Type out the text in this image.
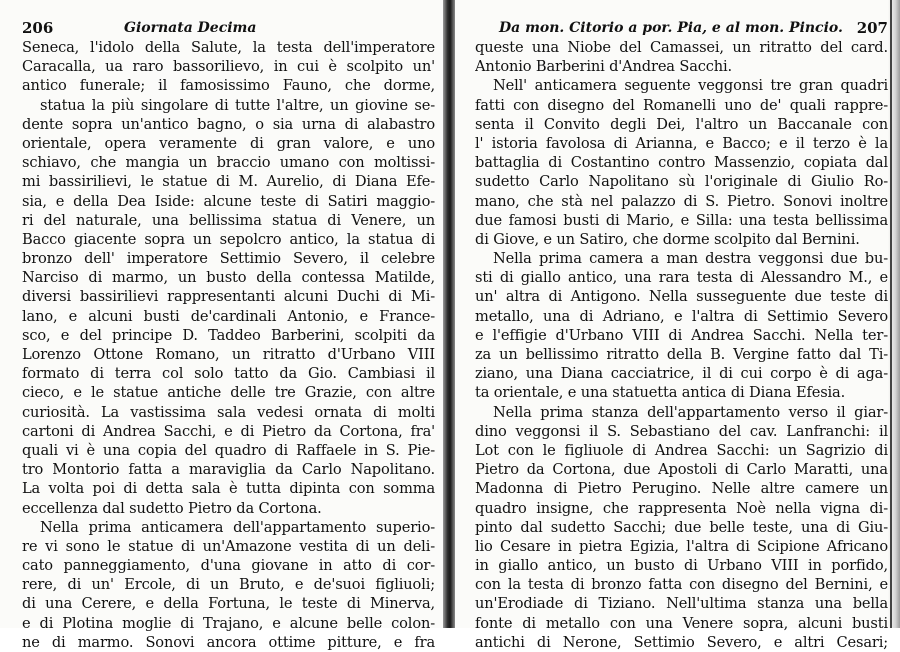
206	Giornata Decima
Seneca, l'idolo della Salute, la testa dell'imperatore
Caracalla, ua raro bassorilievo, in cui è scolpito un'
antico funerale; il famosissimo Fauno, che dorme,
statua la più singolare di tutte l'altre, un giovine se-
dente sopra un'antico bagno, o sia urna di alabastro
orientale, opera veramente di gran valore, e uno
schiavo, che mangia un braccio umano con moltissi-
mi bassirilievi, le statue di M. Aurelio, di Diana Efe-
sia, e della Dea Iside: alcune teste di Satiri maggio-
ri del naturale, una bellissima statua di Venere, un
Bacco giacente sopra un sepolcro antico, la statua di
bronzo dell' imperatore Settimio Severo, il celebre
Narciso di marmo, un busto della contessa Matilde,
diversi bassirilievi rappresentanti alcuni Duchi di Mi-
lano, e alcuni busti de'cardinali Antonio, e France-
sco, e del principe D. Taddeo Barberini, scolpiti da
Lorenzo Ottone Romano, un ritratto d'Urbano VIII
formato di terra col solo tatto da Gio. Cambiasi il
cieco, e le statue antiche delle tre Grazie, con altre
curiosità. La vastissima sala vedesi ornata di molti
cartoni di Andrea Sacchi, e di Pietro da Cortona, fra'
quali vi è una copia del quadro di Raffaele in S. Pie-
tro Montorio fatta a maraviglia da Carlo Napolitano.
La volta poi di detta sala è tutta dipinta con somma
eccellenza dal sudetto Pietro da Cortona.
Nella prima anticamera dell'appartamento superio-
re vi sono le statue di un'Amazone vestita di un deli-
cato panneggiamento, d'una giovane in atto di cor-
rere, di un' Ercole, di un Bruto, e de'suoi figliuoli;
di una Cerere, e della Fortuna, le teste di Minerva,
e di Plotina moglie di Trajano, e alcune belle colon-
ne di marmo. Sonovi ancora ottime pitture, e fra
Da mon. Citorio a por. Pia, e al mon. Pincio. 207
queste una Niobe del Camassei, un ritratto del card.
Antonio Barberini d'Andrea Sacchi.
Nell' anticamera seguente veggonsi tre gran quadri
fatti con disegno del Romanelli uno de' quali rappre-
senta il Convito degli Dei, l'altro un Baccanale con
l' istoria favolosa di Arianna, e Bacco; e il terzo è la
battaglia di Costantino contro Massenzio, copiata dal
sudetto Carlo Napolitano sù l'originale di Giulio Ro-
mano, che stà nel palazzo di S. Pietro. Sonovi inoltre
due famosi busti di Mario, e Silla: una testa bellissima
di Giove, e un Satiro, che dorme scolpito dal Bernini.
Nella prima camera a man destra veggonsi due bu-
sti di giallo antico, una rara testa di Alessandro M., e
un' altra di Antigono. Nella susseguente due teste di
metallo, una di Adriano, e l'altra di Settimio Severo
e l'effigie d'Urbano VIII di Andrea Sacchi. Nella ter-
za un bellissimo ritratto della B. Vergine fatto dal Ti-
ziano, una Diana cacciatrice, il di cui corpo è di aga-
ta orientale, e una statuetta antica di Diana Efesia.
Nella prima stanza dell'appartamento verso il giar-
dino veggonsi il S. Sebastiano del cav. Lanfranchi: il
Lot con le figliuole di Andrea Sacchi: un Sagrizio di
Pietro da Cortona, due Apostoli di Carlo Maratti, una
Madonna di Pietro Perugino. Nelle altre camere un
quadro insigne, che rappresenta Noè nella vigna di-
pinto dal sudetto Sacchi; due belle teste, una di Giu-
lio Cesare in pietra Egizia, l'altra di Scipione Africano
in giallo antico, un busto di Urbano VIII in porfido,
con la testa di bronzo fatta con disegno del Bernini, e
un'Erodiade di Tiziano. Nell'ultima stanza una bella
fonte di metallo con una Venere sopra, alcuni busti
antichi di Nerone, Settimio Severo, e altri Cesari;
